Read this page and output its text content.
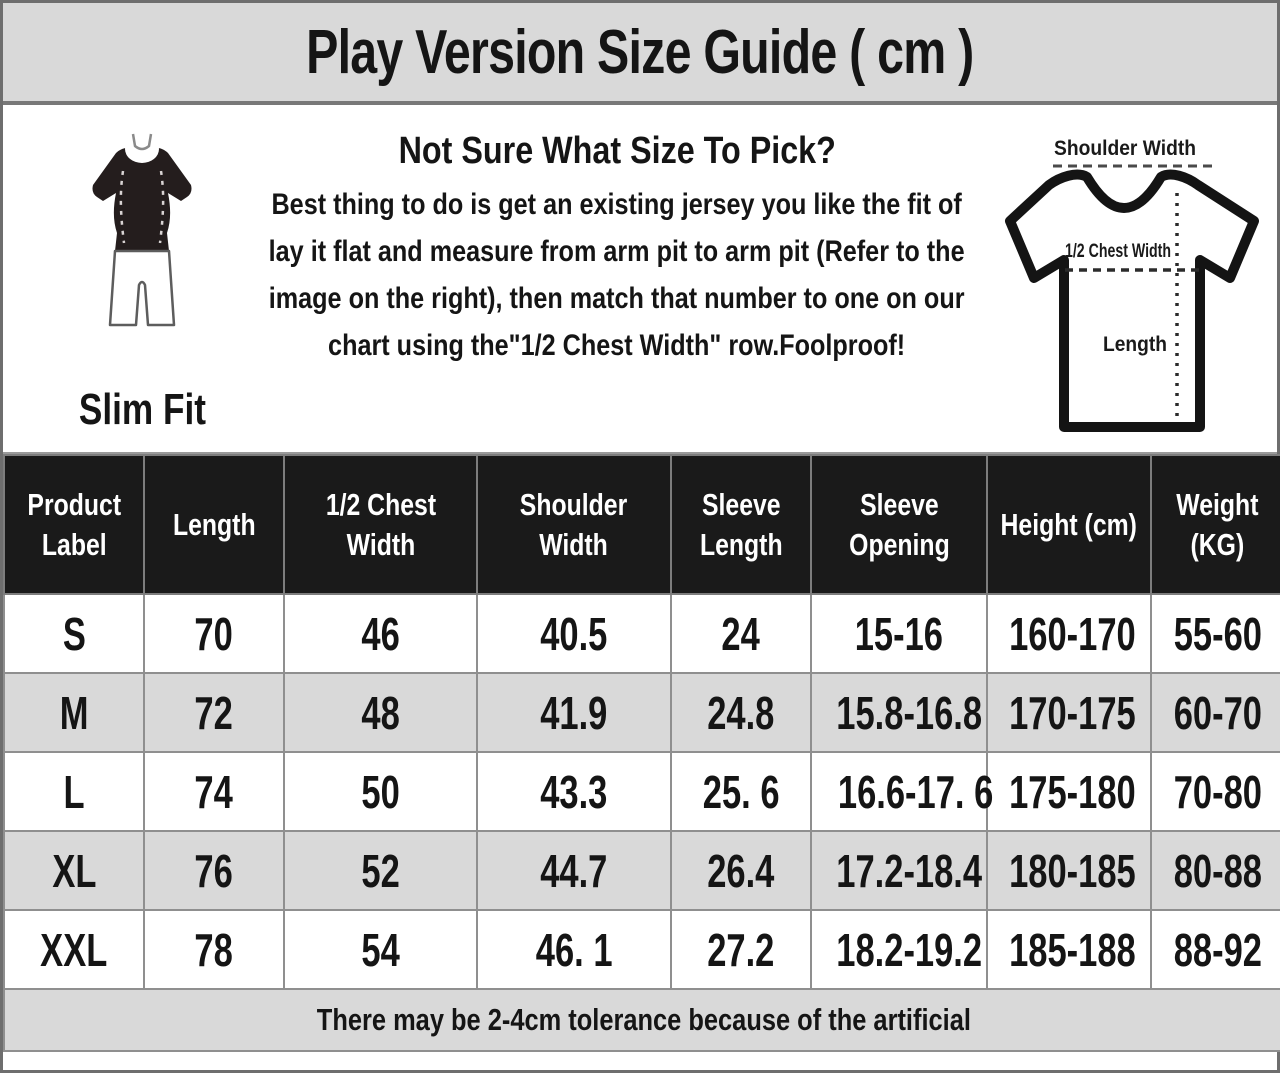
Play Version Size Guide ( cm )
Slim Fit
Not Sure What Size To Pick?
Best thing to do is get an existing jersey you like the fit of lay it flat and measure from arm pit to arm pit (Refer to the image on the right), then match that number to one on our chart using the"1/2 Chest Width" row.Foolproof!
Shoulder Width
1/2 Chest Width
Length
Product Label	Length	1/2 Chest Width	Shoulder Width	Sleeve Length	Sleeve Opening	Height (cm)	Weight (KG)
S	70	46	40.5	24	15-16	160-170	55-60
M	72	48	41.9	24.8	15.8-16.8	170-175	60-70
L	74	50	43.3	25. 6	16.6-17. 6	175-180	70-80
XL	76	52	44.7	26.4	17.2-18.4	180-185	80-88
XXL	78	54	46. 1	27.2	18.2-19.2	185-188	88-92
There may be 2-4cm tolerance because of the artificial							
